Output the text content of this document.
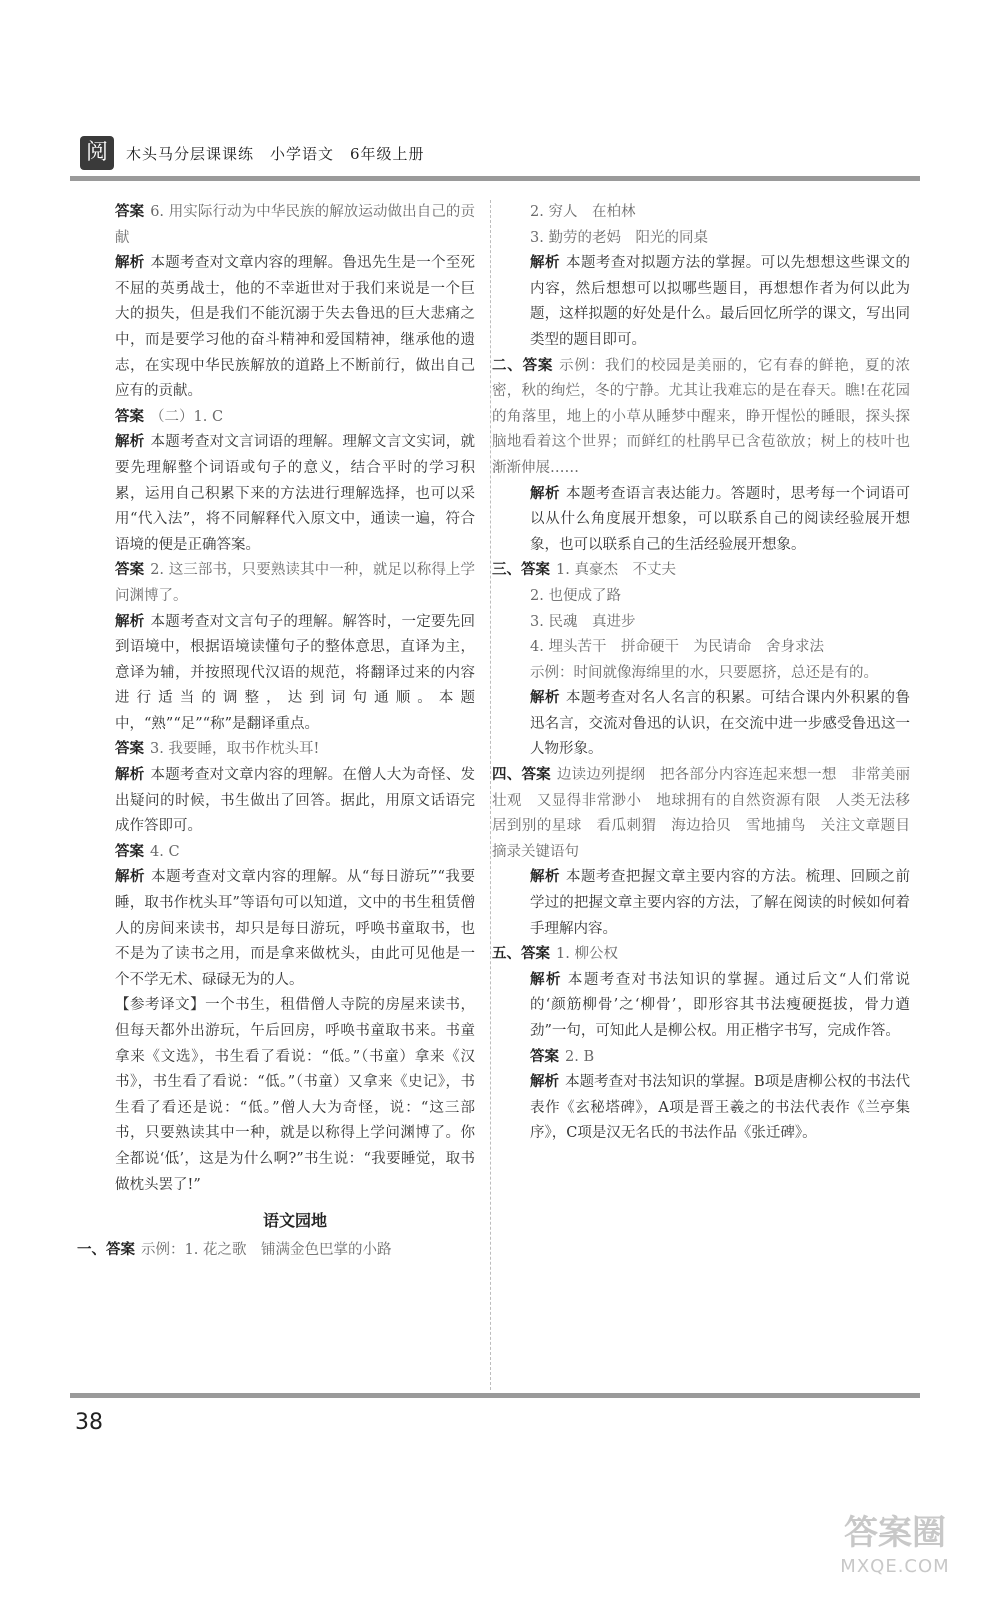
阅	木头马分层课课练　小学语文　6年级上册

答案 6. 用实际行动为中华民族的解放运动做出自己的贡献

解析 本题考查对文章内容的理解。鲁迅先生是一个至死不屈的英勇战士，他的不幸逝世对于我们来说是一个巨大的损失，但是我们不能沉溺于失去鲁迅的巨大悲痛之中，而是要学习他的奋斗精神和爱国精神，继承他的遗志，在实现中华民族解放的道路上不断前行，做出自己应有的贡献。

答案 （二）1. C

解析 本题考查对文言词语的理解。理解文言文实词，就要先理解整个词语或句子的意义，结合平时的学习积累，运用自己积累下来的方法进行理解选择，也可以采用“代入法”，将不同解释代入原文中，通读一遍，符合语境的便是正确答案。

答案 2. 这三部书，只要熟读其中一种，就足以称得上学问渊博了。

解析 本题考查对文言句子的理解。解答时，一定要先回到语境中，根据语境读懂句子的整体意思，直译为主，意译为辅，并按照现代汉语的规范，将翻译过来的内容进行适当的调整，达到词句通顺。本题中，“熟”“足”“称”是翻译重点。

答案 3. 我要睡，取书作枕头耳!

解析 本题考查对文章内容的理解。在僧人大为奇怪、发出疑问的时候，书生做出了回答。据此，用原文话语完成作答即可。

答案 4. C

解析 本题考查对文章内容的理解。从“每日游玩”“我要睡，取书作枕头耳”等语句可以知道，文中的书生租赁僧人的房间来读书，却只是每日游玩，呼唤书童取书，也不是为了读书之用，而是拿来做枕头，由此可见他是一个不学无术、碌碌无为的人。

【参考译文】一个书生，租借僧人寺院的房屋来读书，但每天都外出游玩，午后回房，呼唤书童取书来。书童拿来《文选》，书生看了看说：“低。”（书童）拿来《汉书》，书生看了看说：“低。”（书童）又拿来《史记》，书生看了看还是说：“低。”僧人大为奇怪，说：“这三部书，只要熟读其中一种，就是以称得上学问渊博了。你全都说‘低’，这是为什么啊?”书生说：“我要睡觉，取书做枕头罢了!”

语文园地

一、答案 示例：1. 花之歌　铺满金色巴掌的小路

2. 穷人　在柏林

3. 勤劳的老妈　阳光的同桌

解析 本题考查对拟题方法的掌握。可以先想想这些课文的内容，然后想想可以拟哪些题目，再想想作者为何以此为题，这样拟题的好处是什么。最后回忆所学的课文，写出同类型的题目即可。

二、答案 示例：我们的校园是美丽的，它有春的鲜艳，夏的浓密，秋的绚烂，冬的宁静。尤其让我难忘的是在春天。瞧!在花园的角落里，地上的小草从睡梦中醒来，睁开惺忪的睡眼，探头探脑地看着这个世界；而鲜红的杜鹃早已含苞欲放；树上的枝叶也渐渐伸展……

解析 本题考查语言表达能力。答题时，思考每一个词语可以从什么角度展开想象，可以联系自己的阅读经验展开想象，也可以联系自己的生活经验展开想象。

三、答案 1. 真豪杰　不丈夫

2. 也便成了路

3. 民魂　真进步

4. 埋头苦干　拼命硬干　为民请命　舍身求法

示例：时间就像海绵里的水，只要愿挤，总还是有的。

解析 本题考查对名人名言的积累。可结合课内外积累的鲁迅名言，交流对鲁迅的认识，在交流中进一步感受鲁迅这一人物形象。

四、答案 边读边列提纲　把各部分内容连起来想一想　非常美丽壮观　又显得非常渺小　地球拥有的自然资源有限　人类无法移居到别的星球　看瓜刺猬　海边拾贝　雪地捕鸟　关注文章题目　摘录关键语句

解析 本题考查把握文章主要内容的方法。梳理、回顾之前学过的把握文章主要内容的方法，了解在阅读的时候如何着手理解内容。

五、答案 1. 柳公权

解析 本题考查对书法知识的掌握。通过后文“人们常说的‘颜筋柳骨’之‘柳骨’，即形容其书法瘦硬挺拔，骨力遒劲”一句，可知此人是柳公权。用正楷字书写，完成作答。

答案 2. B

解析 本题考查对书法知识的掌握。B项是唐柳公权的书法代表作《玄秘塔碑》，A项是晋王羲之的书法代表作《兰亭集序》，C项是汉无名氏的书法作品《张迁碑》。

38
答案圈
MXQE.COM
